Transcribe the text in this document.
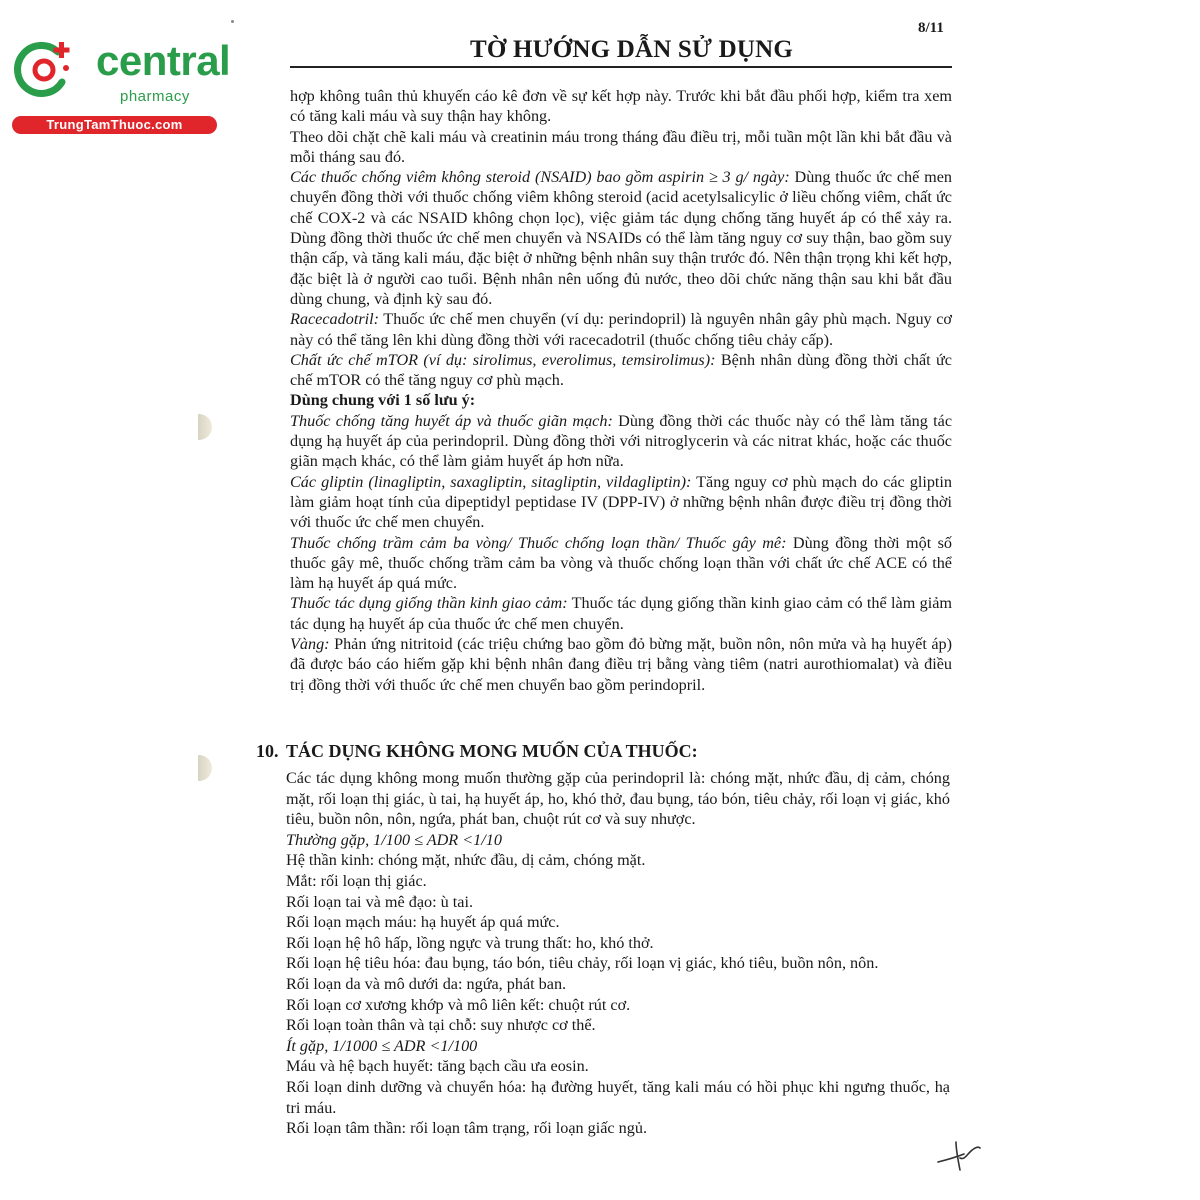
central
pharmacy
TrungTamThuoc.com
8/11
TỜ HƯỚNG DẪN SỬ DỤNG

hợp không tuân thủ khuyến cáo kê đơn về sự kết hợp này. Trước khi bắt đầu phối hợp, kiểm tra xem có tăng kali máu và suy thận hay không.

Theo dõi chặt chẽ kali máu và creatinin máu trong tháng đầu điều trị, mỗi tuần một lần khi bắt đầu và mỗi tháng sau đó.

Các thuốc chống viêm không steroid (NSAID) bao gồm aspirin ≥ 3 g/ ngày: Dùng thuốc ức chế men chuyển đồng thời với thuốc chống viêm không steroid (acid acetylsalicylic ở liều chống viêm, chất ức chế COX-2 và các NSAID không chọn lọc), việc giảm tác dụng chống tăng huyết áp có thể xảy ra. Dùng đồng thời thuốc ức chế men chuyển và NSAIDs có thể làm tăng nguy cơ suy thận, bao gồm suy thận cấp, và tăng kali máu, đặc biệt ở những bệnh nhân suy thận trước đó. Nên thận trọng khi kết hợp, đặc biệt là ở người cao tuổi. Bệnh nhân nên uống đủ nước, theo dõi chức năng thận sau khi bắt đầu dùng chung, và định kỳ sau đó.

Racecadotril: Thuốc ức chế men chuyển (ví dụ: perindopril) là nguyên nhân gây phù mạch. Nguy cơ này có thể tăng lên khi dùng đồng thời với racecadotril (thuốc chống tiêu chảy cấp).

Chất ức chế mTOR (ví dụ: sirolimus, everolimus, temsirolimus): Bệnh nhân dùng đồng thời chất ức chế mTOR có thể tăng nguy cơ phù mạch.

Dùng chung với 1 số lưu ý:

Thuốc chống tăng huyết áp và thuốc giãn mạch: Dùng đồng thời các thuốc này có thể làm tăng tác dụng hạ huyết áp của perindopril. Dùng đồng thời với nitroglycerin và các nitrat khác, hoặc các thuốc giãn mạch khác, có thể làm giảm huyết áp hơn nữa.

Các gliptin (linagliptin, saxagliptin, sitagliptin, vildagliptin): Tăng nguy cơ phù mạch do các gliptin làm giảm hoạt tính của dipeptidyl peptidase IV (DPP-IV) ở những bệnh nhân được điều trị đồng thời với thuốc ức chế men chuyển.

Thuốc chống trầm cảm ba vòng/ Thuốc chống loạn thần/ Thuốc gây mê: Dùng đồng thời một số thuốc gây mê, thuốc chống trầm cảm ba vòng và thuốc chống loạn thần với chất ức chế ACE có thể làm hạ huyết áp quá mức.

Thuốc tác dụng giống thần kinh giao cảm: Thuốc tác dụng giống thần kinh giao cảm có thể làm giảm tác dụng hạ huyết áp của thuốc ức chế men chuyển.

Vàng: Phản ứng nitritoid (các triệu chứng bao gồm đỏ bừng mặt, buồn nôn, nôn mửa và hạ huyết áp) đã được báo cáo hiếm gặp khi bệnh nhân đang điều trị bằng vàng tiêm (natri aurothiomalat) và điều trị đồng thời với thuốc ức chế men chuyển bao gồm perindopril.

10. TÁC DỤNG KHÔNG MONG MUỐN CỦA THUỐC:

Các tác dụng không mong muốn thường gặp của perindopril là: chóng mặt, nhức đầu, dị cảm, chóng mặt, rối loạn thị giác, ù tai, hạ huyết áp, ho, khó thở, đau bụng, táo bón, tiêu chảy, rối loạn vị giác, khó tiêu, buồn nôn, nôn, ngứa, phát ban, chuột rút cơ và suy nhược.

Thường gặp, 1/100 ≤ ADR <1/10

Hệ thần kinh: chóng mặt, nhức đầu, dị cảm, chóng mặt.

Mắt: rối loạn thị giác.

Rối loạn tai và mê đạo: ù tai.

Rối loạn mạch máu: hạ huyết áp quá mức.

Rối loạn hệ hô hấp, lồng ngực và trung thất: ho, khó thở.

Rối loạn hệ tiêu hóa: đau bụng, táo bón, tiêu chảy, rối loạn vị giác, khó tiêu, buồn nôn, nôn.

Rối loạn da và mô dưới da: ngứa, phát ban.

Rối loạn cơ xương khớp và mô liên kết: chuột rút cơ.

Rối loạn toàn thân và tại chỗ: suy nhược cơ thể.

Ít gặp, 1/1000 ≤ ADR <1/100

Máu và hệ bạch huyết: tăng bạch cầu ưa eosin.

Rối loạn dinh dưỡng và chuyển hóa: hạ đường huyết, tăng kali máu có hồi phục khi ngưng thuốc, hạ tri máu.

Rối loạn tâm thần: rối loạn tâm trạng, rối loạn giấc ngủ.
